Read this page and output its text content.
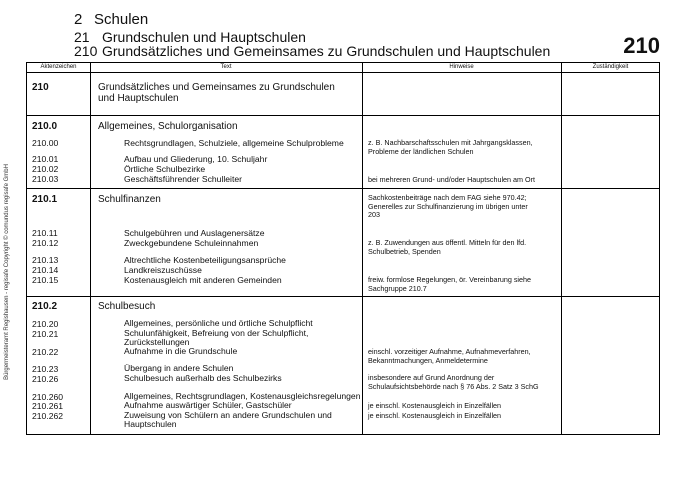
2 Schulen
21 Grundschulen und Hauptschulen
210 Grundsätzliches und Gemeinsames zu Grundschulen und Hauptschulen	210
Bürgermeisteramt Regishausen - regisafe Copyright © comundus regisafe GmbH
Aktenzeichen	Text	Hinweise	Zuständigkeit
210	Grundsätzliches und Gemeinsames zu Grundschulen
und Hauptschulen
210.0	Allgemeines, Schulorganisation
210.00	Rechtsgrundlagen, Schulziele, allgemeine Schulprobleme	z. B. Nachbarschaftsschulen mit Jahrgangsklassen,
Probleme der ländlichen Schulen
210.01	Aufbau und Gliederung, 10. Schuljahr
210.02	Örtliche Schulbezirke
210.03	Geschäftsführender Schulleiter	bei mehreren Grund- und/oder Hauptschulen am Ort
210.1	Schulfinanzen	Sachkostenbeiträge nach dem FAG siehe 970.42;
Generelles zur Schulfinanzierung im übrigen unter
203
210.11	Schulgebühren und Auslagenersätze
210.12	Zweckgebundene Schuleinnahmen	z. B. Zuwendungen aus öffentl. Mitteln für den lfd.
Schulbetrieb, Spenden
210.13	Altrechtliche Kostenbeteiligungsansprüche
210.14	Landkreiszuschüsse
210.15	Kostenausgleich mit anderen Gemeinden	freiw. formlose Regelungen, ör. Vereinbarung siehe
Sachgruppe 210.7
210.2	Schulbesuch
210.20	Allgemeines, persönliche und örtliche Schulpflicht
210.21	Schulunfähigkeit, Befreiung von der Schulpflicht,
Zurückstellungen
210.22	Aufnahme in die Grundschule	einschl. vorzeitiger Aufnahme, Aufnahmeverfahren,
Bekanntmachungen, Anmeldetermine
210.23	Übergang in andere Schulen
210.26	Schulbesuch außerhalb des Schulbezirks	insbesondere auf Grund Anordnung der
Schulaufsichtsbehörde nach § 76 Abs. 2 Satz 3 SchG
210.260	Allgemeines, Rechtsgrundlagen, Kostenausgleichsregelungen
210.261	Aufnahme auswärtiger Schüler, Gastschüler	je einschl. Kostenausgleich in Einzelfällen
210.262	Zuweisung von Schülern an andere Grundschulen und
Hauptschulen
je einschl. Kostenausgleich in Einzelfällen
